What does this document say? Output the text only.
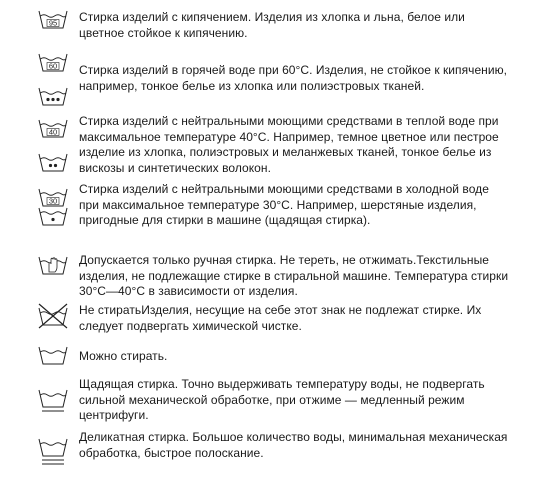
95 Стирка изделий с кипячением. Изделия из хлопка и льна, белое или
цветное стойкое к кипячению.
60 Стирка изделий в горячей воде при 60°С. Изделия, не стойкое к кипячению,
например, тонкое белье из хлопка или полиэстровых тканей.
40
Стирка изделий с нейтральными моющими средствами в теплой воде при
максимальное температуре 40°С. Например, темное цветное или пестрое
изделие из хлопка, полиэстровых и меланжевых тканей, тонкое белье из
вискозы и синтетических волокон.
30
Стирка изделий с нейтральными моющими средствами в холодной воде
при максимальное температуре 30°С. Например, шерстяные изделия,
пригодные для стирки в машине (щадящая стирка).
Допускается только ручная стирка. Не тереть, не отжимать.Текстильные
изделия, не подлежащие стирке в стиральной машине. Температура стирки
30°С—40°С в зависимости от изделия.
Не стиратьИзделия, несущие на себе этот знак не подлежат стирке. Их
следует подвергать химической чистке.
Можно стирать.
Щадящая стирка. Точно выдерживать температуру воды, не подвергать
сильной механической обработке, при отжиме — медленный режим
центрифуги.
Деликатная стирка. Большое количество воды, минимальная механическая
обработка, быстрое полоскание.
